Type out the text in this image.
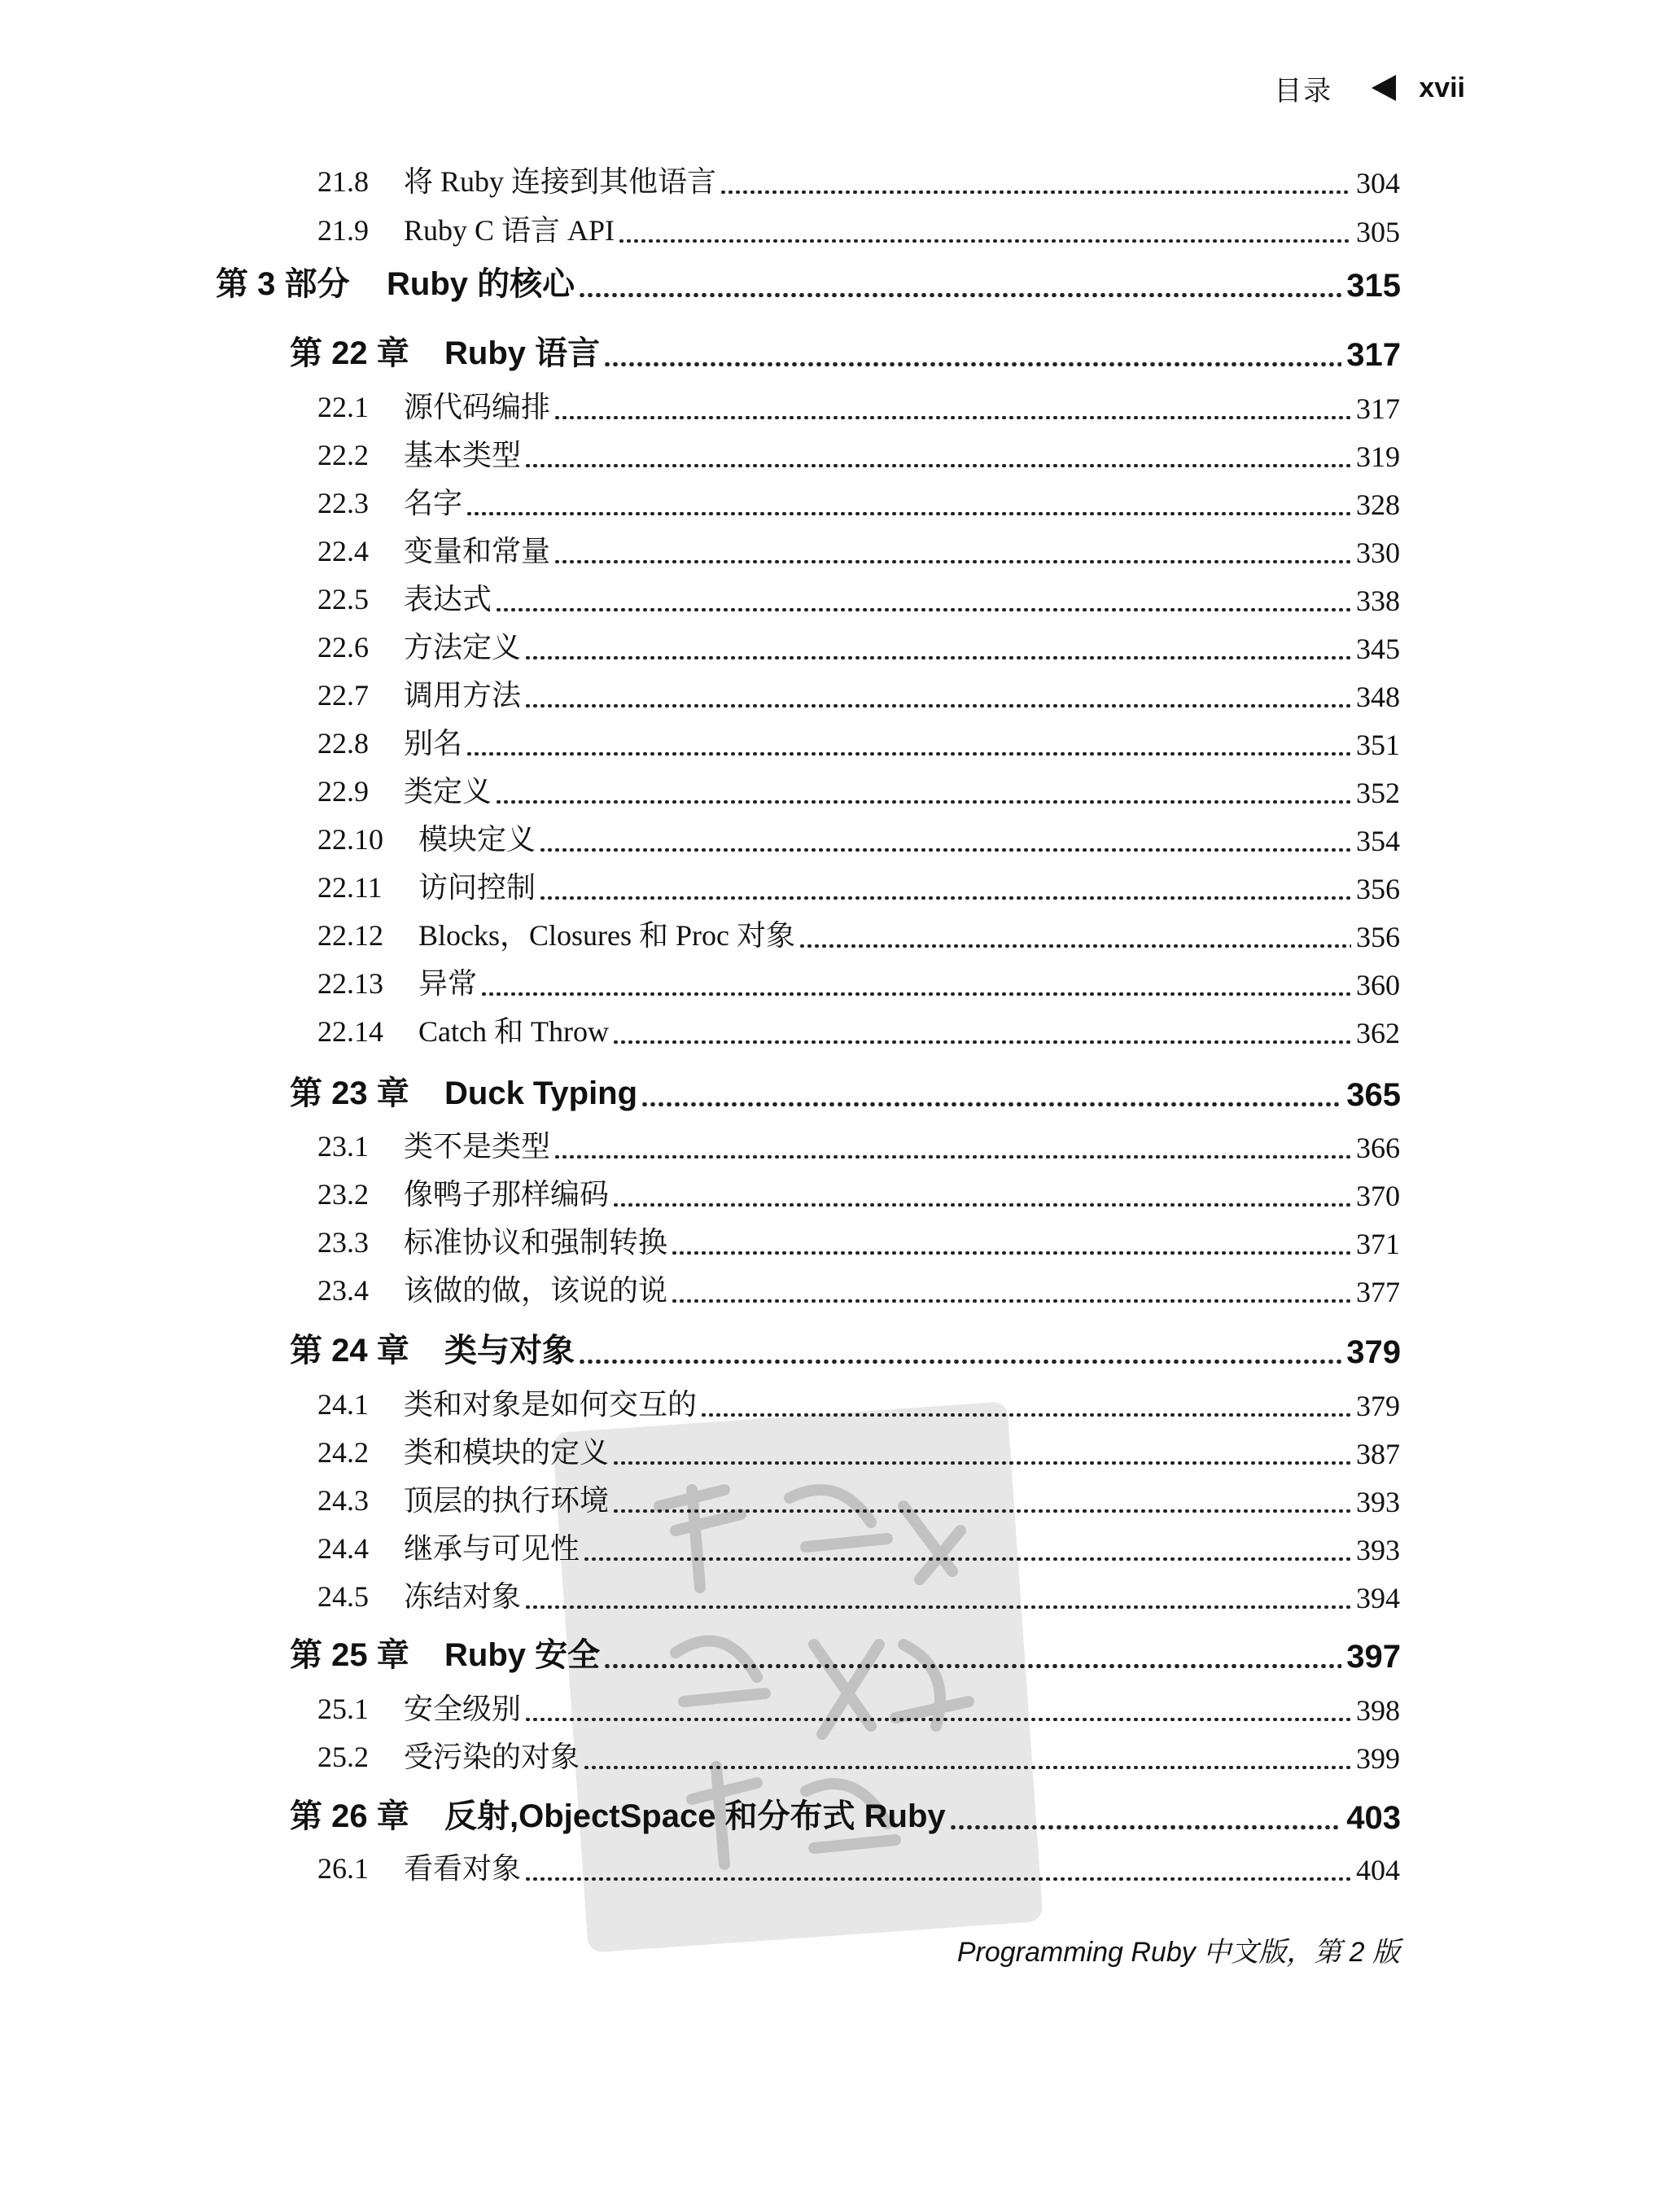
目录	xvii
21.8 将 Ruby 连接到其他语言	304
21.9 Ruby C 语言 API	305
第 3 部分 Ruby 的核心	315
第 22 章 Ruby 语言	317
22.1 源代码编排	317
22.2 基本类型	319
22.3 名字	328
22.4 变量和常量	330
22.5 表达式	338
22.6 方法定义	345
22.7 调用方法	348
22.8 别名	351
22.9 类定义	352
22.10 模块定义	354
22.11 访问控制	356
22.12 Blocks，Closures 和 Proc 对象	356
22.13 异常	360
22.14 Catch 和 Throw	362
第 23 章 Duck Typing	365
23.1 类不是类型	366
23.2 像鸭子那样编码	370
23.3 标准协议和强制转换	371
23.4 该做的做，该说的说	377
第 24 章 类与对象	379
24.1 类和对象是如何交互的	379
24.2 类和模块的定义	387
24.3 顶层的执行环境	393
24.4 继承与可见性	393
24.5 冻结对象	394
第 25 章 Ruby 安全	397
25.1 安全级别	398
25.2 受污染的对象	399
第 26 章 反射,ObjectSpace 和分布式 Ruby	403
26.1 看看对象	404
Programming Ruby 中文版，第 2 版
